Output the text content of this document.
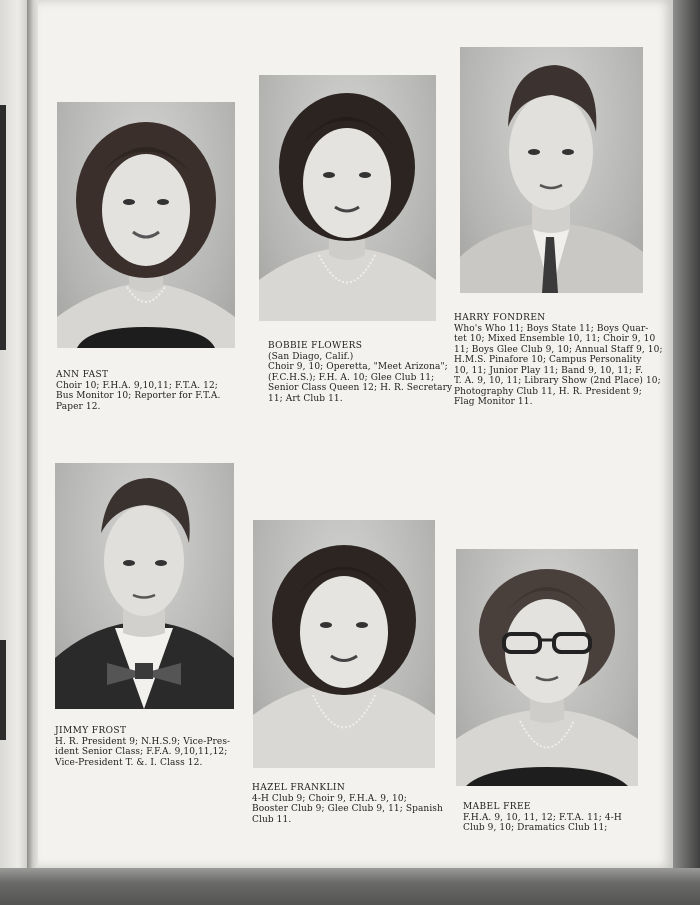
ANN FAST
Choir 10; F.H.A. 9,10,11; F.T.A. 12;
Bus Monitor 10; Reporter for F.T.A.
Paper 12.
BOBBIE FLOWERS
(San Diago, Calif.)
Choir 9, 10; Operetta, "Meet Arizona";
(F.C.H.S.); F.H. A. 10; Glee Club 11;
Senior Class Queen 12; H. R. Secretary
11; Art Club 11.
HARRY FONDREN
Who's Who 11; Boys State 11; Boys Quar-
tet 10; Mixed Ensemble 10, 11; Choir 9, 10
11; Boys Glee Club 9, 10; Annual Staff 9, 10;
H.M.S. Pinafore 10; Campus Personality
10, 11; Junior Play 11; Band 9, 10, 11; F.
T. A. 9, 10, 11; Library Show (2nd Place) 10;
Photography Club 11, H. R. President 9;
Flag Monitor 11.
JIMMY FROST
H. R. President 9; N.H.S.9; Vice-Pres-
ident Senior Class; F.F.A. 9,10,11,12;
Vice-President T. &. I. Class 12.
HAZEL FRANKLIN
4-H Club 9; Choir 9, F.H.A. 9, 10;
Booster Club 9; Glee Club 9, 11; Spanish
Club 11.
MABEL FREE
F.H.A. 9, 10, 11, 12; F.T.A. 11; 4-H
Club 9, 10; Dramatics Club 11;
